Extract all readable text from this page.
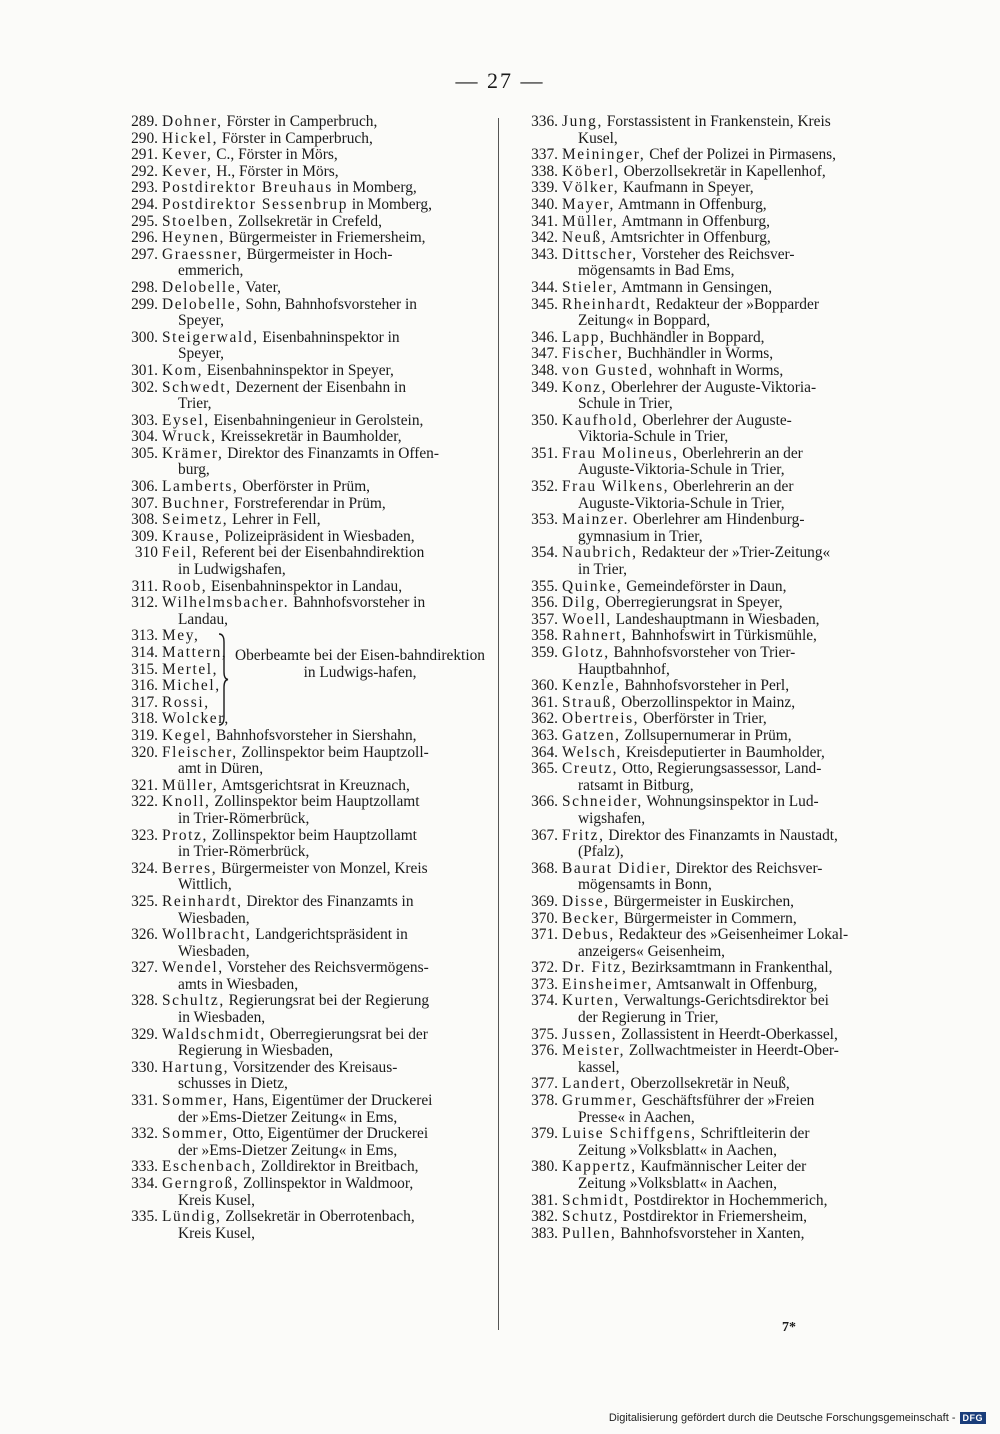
— 27 —
289. Dohner, Förster in Camperbruch,
290. Hickel, Förster in Camperbruch,
291. Kever, C., Förster in Mörs,
292. Kever, H., Förster in Mörs,
293. Postdirektor Breuhaus in Momberg,
294. Postdirektor Sessenbrup in Momberg,
295. Stoelben, Zollsekretär in Crefeld,
296. Heynen, Bürgermeister in Friemersheim,
297. Graessner, Bürgermeister in Hoch-
emmerich,
298. Delobelle, Vater,
299. Delobelle, Sohn, Bahnhofsvorsteher in
Speyer,
300. Steigerwald, Eisenbahninspektor in
Speyer,
301. Kom, Eisenbahninspektor in Speyer,
302. Schwedt, Dezernent der Eisenbahn in
Trier,
303. Eysel, Eisenbahningenieur in Gerolstein,
304. Wruck, Kreissekretär in Baumholder,
305. Krämer, Direktor des Finanzamts in Offen-
burg,
306. Lamberts, Oberförster in Prüm,
307. Buchner, Forstreferendar in Prüm,
308. Seimetz, Lehrer in Fell,
309. Krause, Polizeipräsident in Wiesbaden,
310 Feil, Referent bei der Eisenbahndirektion
in Ludwigshafen,
311. Roob, Eisenbahninspektor in Landau,
312. Wilhelmsbacher. Bahnhofsvorsteher in
Landau,
313. Mey,
314. Mattern,
315. Mertel,
316. Michel,
317. Rossi,
318. Wolcker,
Oberbeamte bei der Eisen-bahndirektion in Ludwigs-hafen,
319. Kegel, Bahnhofsvorsteher in Siershahn,
320. Fleischer, Zollinspektor beim Hauptzoll-
amt in Düren,
321. Müller, Amtsgerichtsrat in Kreuznach,
322. Knoll, Zollinspektor beim Hauptzollamt
in Trier-Römerbrück,
323. Protz, Zollinspektor beim Hauptzollamt
in Trier-Römerbrück,
324. Berres, Bürgermeister von Monzel, Kreis
Wittlich,
325. Reinhardt, Direktor des Finanzamts in
Wiesbaden,
326. Wollbracht, Landgerichtspräsident in
Wiesbaden,
327. Wendel, Vorsteher des Reichsvermögens-
amts in Wiesbaden,
328. Schultz, Regierungsrat bei der Regierung
in Wiesbaden,
329. Waldschmidt, Oberregierungsrat bei der
Regierung in Wiesbaden,
330. Hartung, Vorsitzender des Kreisaus-
schusses in Dietz,
331. Sommer, Hans, Eigentümer der Druckerei
der »Ems-Dietzer Zeitung« in Ems,
332. Sommer, Otto, Eigentümer der Druckerei
der »Ems-Dietzer Zeitung« in Ems,
333. Eschenbach, Zolldirektor in Breitbach,
334. Gerngroß, Zollinspektor in Waldmoor,
Kreis Kusel,
335. Lündig, Zollsekretär in Oberrotenbach,
Kreis Kusel,
336. Jung, Forstassistent in Frankenstein, Kreis
Kusel,
337. Meininger, Chef der Polizei in Pirmasens,
338. Köberl, Oberzollsekretär in Kapellenhof,
339. Völker, Kaufmann in Speyer,
340. Mayer, Amtmann in Offenburg,
341. Müller, Amtmann in Offenburg,
342. Neuß, Amtsrichter in Offenburg,
343. Dittscher, Vorsteher des Reichsver-
mögensamts in Bad Ems,
344. Stieler, Amtmann in Gensingen,
345. Rheinhardt, Redakteur der »Bopparder
Zeitung« in Boppard,
346. Lapp, Buchhändler in Boppard,
347. Fischer, Buchhändler in Worms,
348. von Gusted, wohnhaft in Worms,
349. Konz, Oberlehrer der Auguste-Viktoria-
Schule in Trier,
350. Kaufhold, Oberlehrer der Auguste-
Viktoria-Schule in Trier,
351. Frau Molineus, Oberlehrerin an der
Auguste-Viktoria-Schule in Trier,
352. Frau Wilkens, Oberlehrerin an der
Auguste-Viktoria-Schule in Trier,
353. Mainzer. Oberlehrer am Hindenburg-
gymnasium in Trier,
354. Naubrich, Redakteur der »Trier-Zeitung«
in Trier,
355. Quinke, Gemeindeförster in Daun,
356. Dilg, Oberregierungsrat in Speyer,
357. Woell, Landeshauptmann in Wiesbaden,
358. Rahnert, Bahnhofswirt in Türkismühle,
359. Glotz, Bahnhofsvorsteher von Trier-
Hauptbahnhof,
360. Kenzle, Bahnhofsvorsteher in Perl,
361. Strauß, Oberzollinspektor in Mainz,
362. Obertreis, Oberförster in Trier,
363. Gatzen, Zollsupernumerar in Prüm,
364. Welsch, Kreisdeputierter in Baumholder,
365. Creutz, Otto, Regierungsassessor, Land-
ratsamt in Bitburg,
366. Schneider, Wohnungsinspektor in Lud-
wigshafen,
367. Fritz, Direktor des Finanzamts in Naustadt,
(Pfalz),
368. Baurat Didier, Direktor des Reichsver-
mögensamts in Bonn,
369. Disse, Bürgermeister in Euskirchen,
370. Becker, Bürgermeister in Commern,
371. Debus, Redakteur des »Geisenheimer Lokal-
anzeigers« Geisenheim,
372. Dr. Fitz, Bezirksamtmann in Frankenthal,
373. Einsheimer, Amtsanwalt in Offenburg,
374. Kurten, Verwaltungs-Gerichtsdirektor bei
der Regierung in Trier,
375. Jussen, Zollassistent in Heerdt-Oberkassel,
376. Meister, Zollwachtmeister in Heerdt-Ober-
kassel,
377. Landert, Oberzollsekretär in Neuß,
378. Grummer, Geschäftsführer der »Freien
Presse« in Aachen,
379. Luise Schiffgens, Schriftleiterin der
Zeitung »Volksblatt« in Aachen,
380. Kappertz, Kaufmännischer Leiter der
Zeitung »Volksblatt« in Aachen,
381. Schmidt, Postdirektor in Hochemmerich,
382. Schutz, Postdirektor in Friemersheim,
383. Pullen, Bahnhofsvorsteher in Xanten,
7*
Digitalisierung gefördert durch die Deutsche Forschungsgemeinschaft - DFG
